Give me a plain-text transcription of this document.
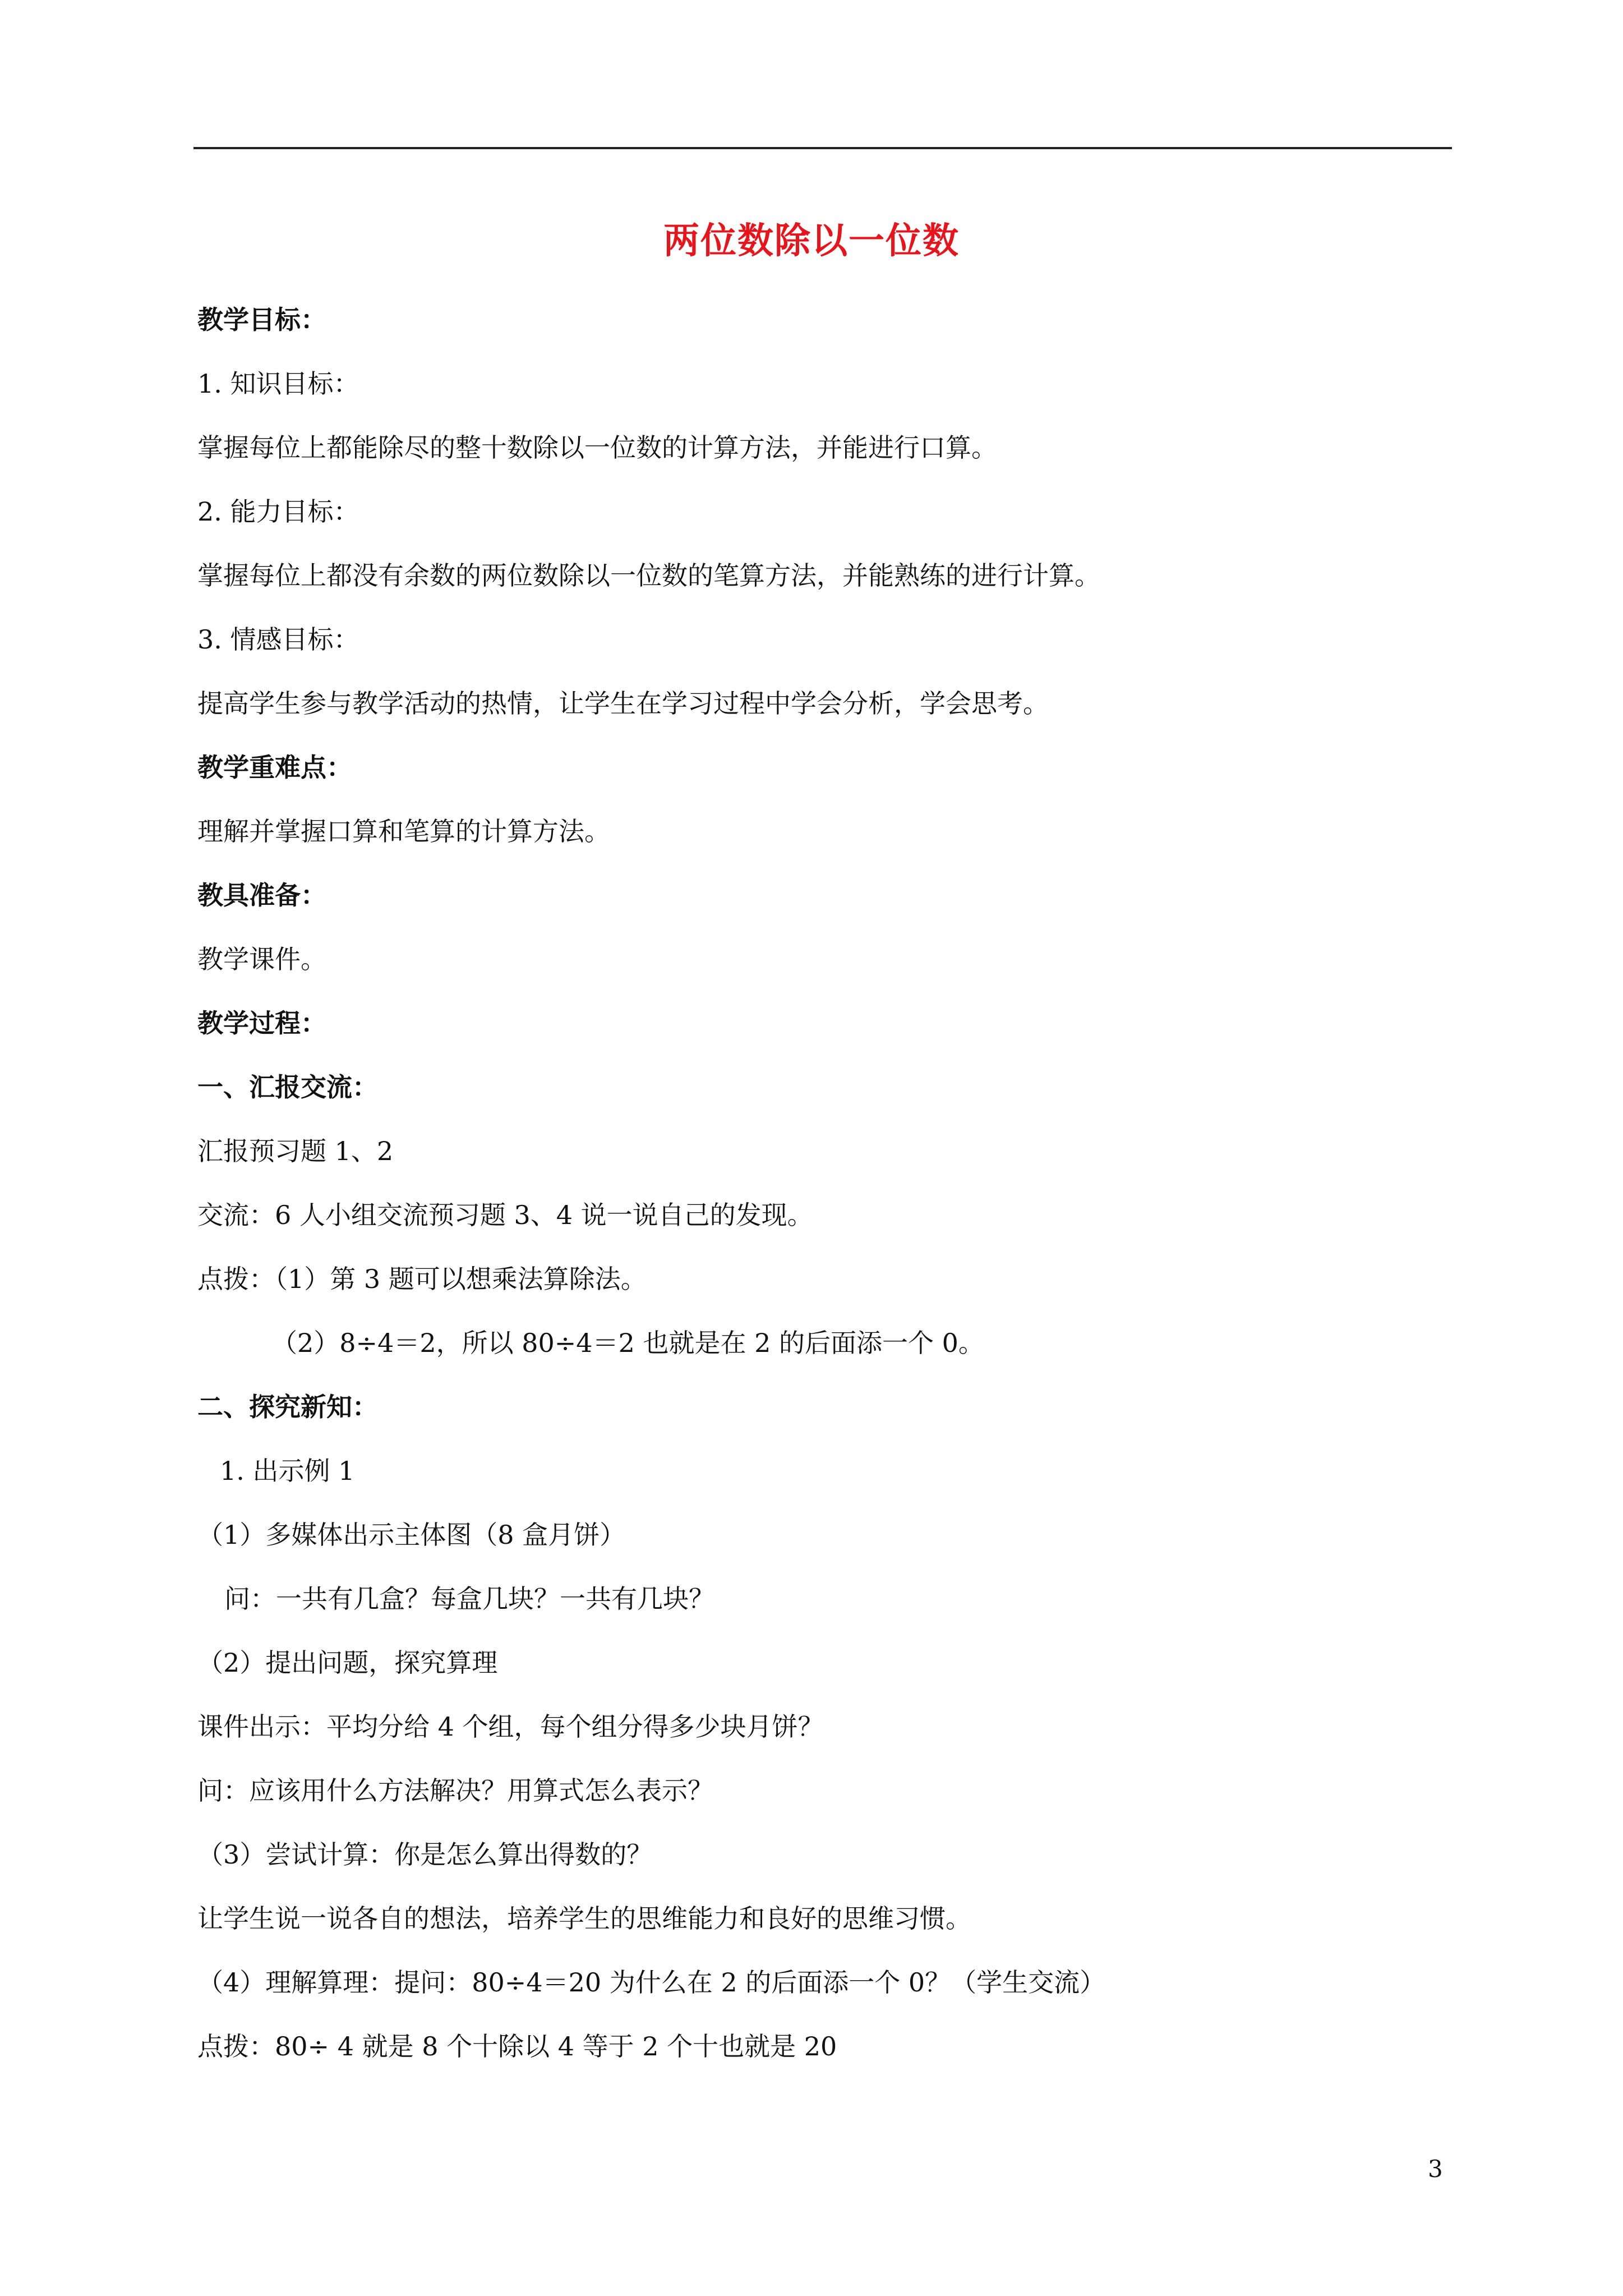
两位数除以一位数
教学目标：
1. 知识目标：
掌握每位上都能除尽的整十数除以一位数的计算方法，并能进行口算。
2. 能力目标：
掌握每位上都没有余数的两位数除以一位数的笔算方法，并能熟练的进行计算。
3. 情感目标：
提高学生参与教学活动的热情，让学生在学习过程中学会分析，学会思考。
教学重难点：
理解并掌握口算和笔算的计算方法。
教具准备：
教学课件。
教学过程：
一、汇报交流：
汇报预习题 1、2
交流：6 人小组交流预习题 3、4 说一说自己的发现。
点拨：（1）第 3 题可以想乘法算除法。
（2）8÷4＝2，所以 80÷4＝2 也就是在 2 的后面添一个 0。
二、探究新知：
1. 出示例 1
（1）多媒体出示主体图（8 盒月饼）
问：一共有几盒？每盒几块？一共有几块？
（2）提出问题，探究算理
课件出示：平均分给 4 个组，每个组分得多少块月饼？
问：应该用什么方法解决？用算式怎么表示？
（3）尝试计算：你是怎么算出得数的？
让学生说一说各自的想法，培养学生的思维能力和良好的思维习惯。
（4）理解算理：提问：80÷4＝20 为什么在 2 的后面添一个 0？（学生交流）
点拨：80÷ 4 就是 8 个十除以 4 等于 2 个十也就是 20
3
